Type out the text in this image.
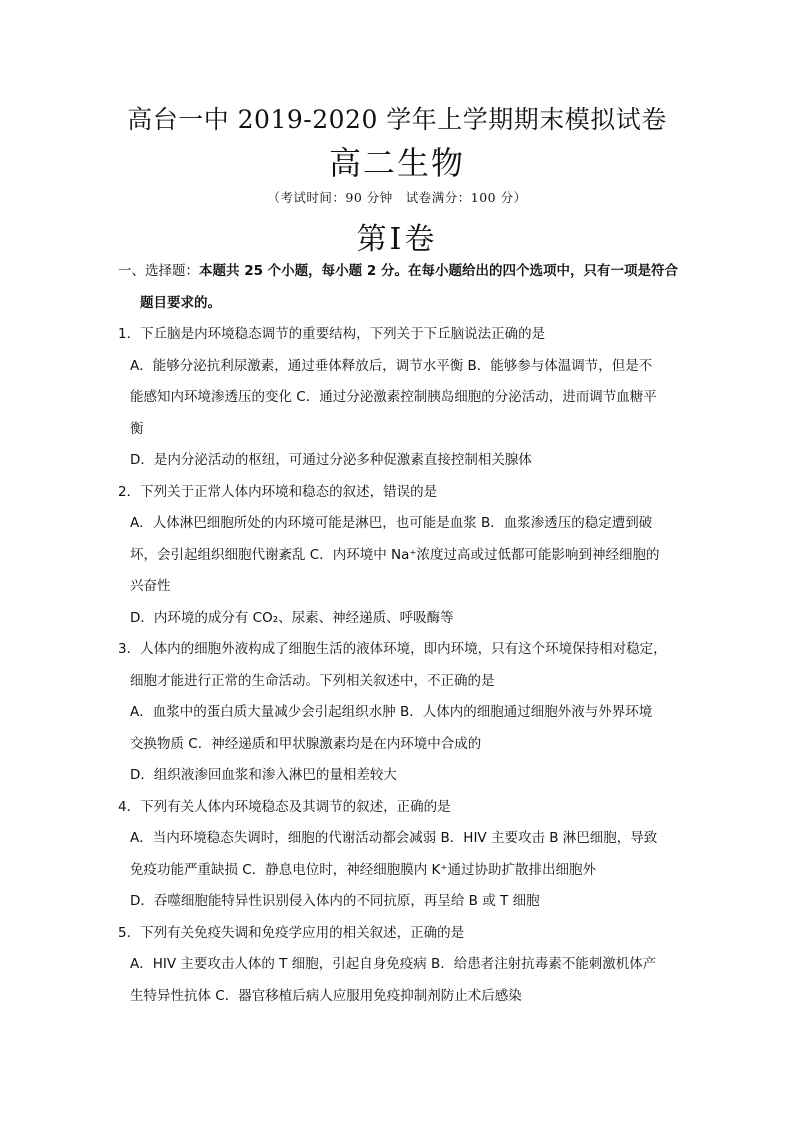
高台一中 2019-2020 学年上学期期末模拟试卷
高二生物
（考试时间：90 分钟　试卷满分：100 分）
第Ⅰ卷
一、选择题：本题共 25 个小题，每小题 2 分。在每小题给出的四个选项中，只有一项是符合
题目要求的。
1．下丘脑是内环境稳态调节的重要结构，下列关于下丘脑说法正确的是
A．能够分泌抗利尿激素，通过垂体释放后，调节水平衡 B．能够参与体温调节，但是不
能感知内环境渗透压的变化 C．通过分泌激素控制胰岛细胞的分泌活动，进而调节血糖平
衡
D．是内分泌活动的枢纽，可通过分泌多种促激素直接控制相关腺体
2．下列关于正常人体内环境和稳态的叙述，错误的是
A．人体淋巴细胞所处的内环境可能是淋巴，也可能是血浆 B．血浆渗透压的稳定遭到破
坏，会引起组织细胞代谢紊乱 C．内环境中 Na⁺浓度过高或过低都可能影响到神经细胞的
兴奋性
D．内环境的成分有 CO₂、尿素、神经递质、呼吸酶等
3．人体内的细胞外液构成了细胞生活的液体环境，即内环境，只有这个环境保持相对稳定，
细胞才能进行正常的生命活动。下列相关叙述中，不正确的是
A．血浆中的蛋白质大量减少会引起组织水肿 B．人体内的细胞通过细胞外液与外界环境
交换物质 C．神经递质和甲状腺激素均是在内环境中合成的
D．组织液渗回血浆和渗入淋巴的量相差较大
4．下列有关人体内环境稳态及其调节的叙述，正确的是
A．当内环境稳态失调时，细胞的代谢活动都会减弱 B．HIV 主要攻击 B 淋巴细胞，导致
免疫功能严重缺损 C．静息电位时，神经细胞膜内 K⁺通过协助扩散排出细胞外
D．吞噬细胞能特异性识别侵入体内的不同抗原，再呈给 B 或 T 细胞
5．下列有关免疫失调和免疫学应用的相关叙述，正确的是
A．HIV 主要攻击人体的 T 细胞，引起自身免疫病 B．给患者注射抗毒素不能刺激机体产
生特异性抗体 C．器官移植后病人应服用免疫抑制剂防止术后感染
